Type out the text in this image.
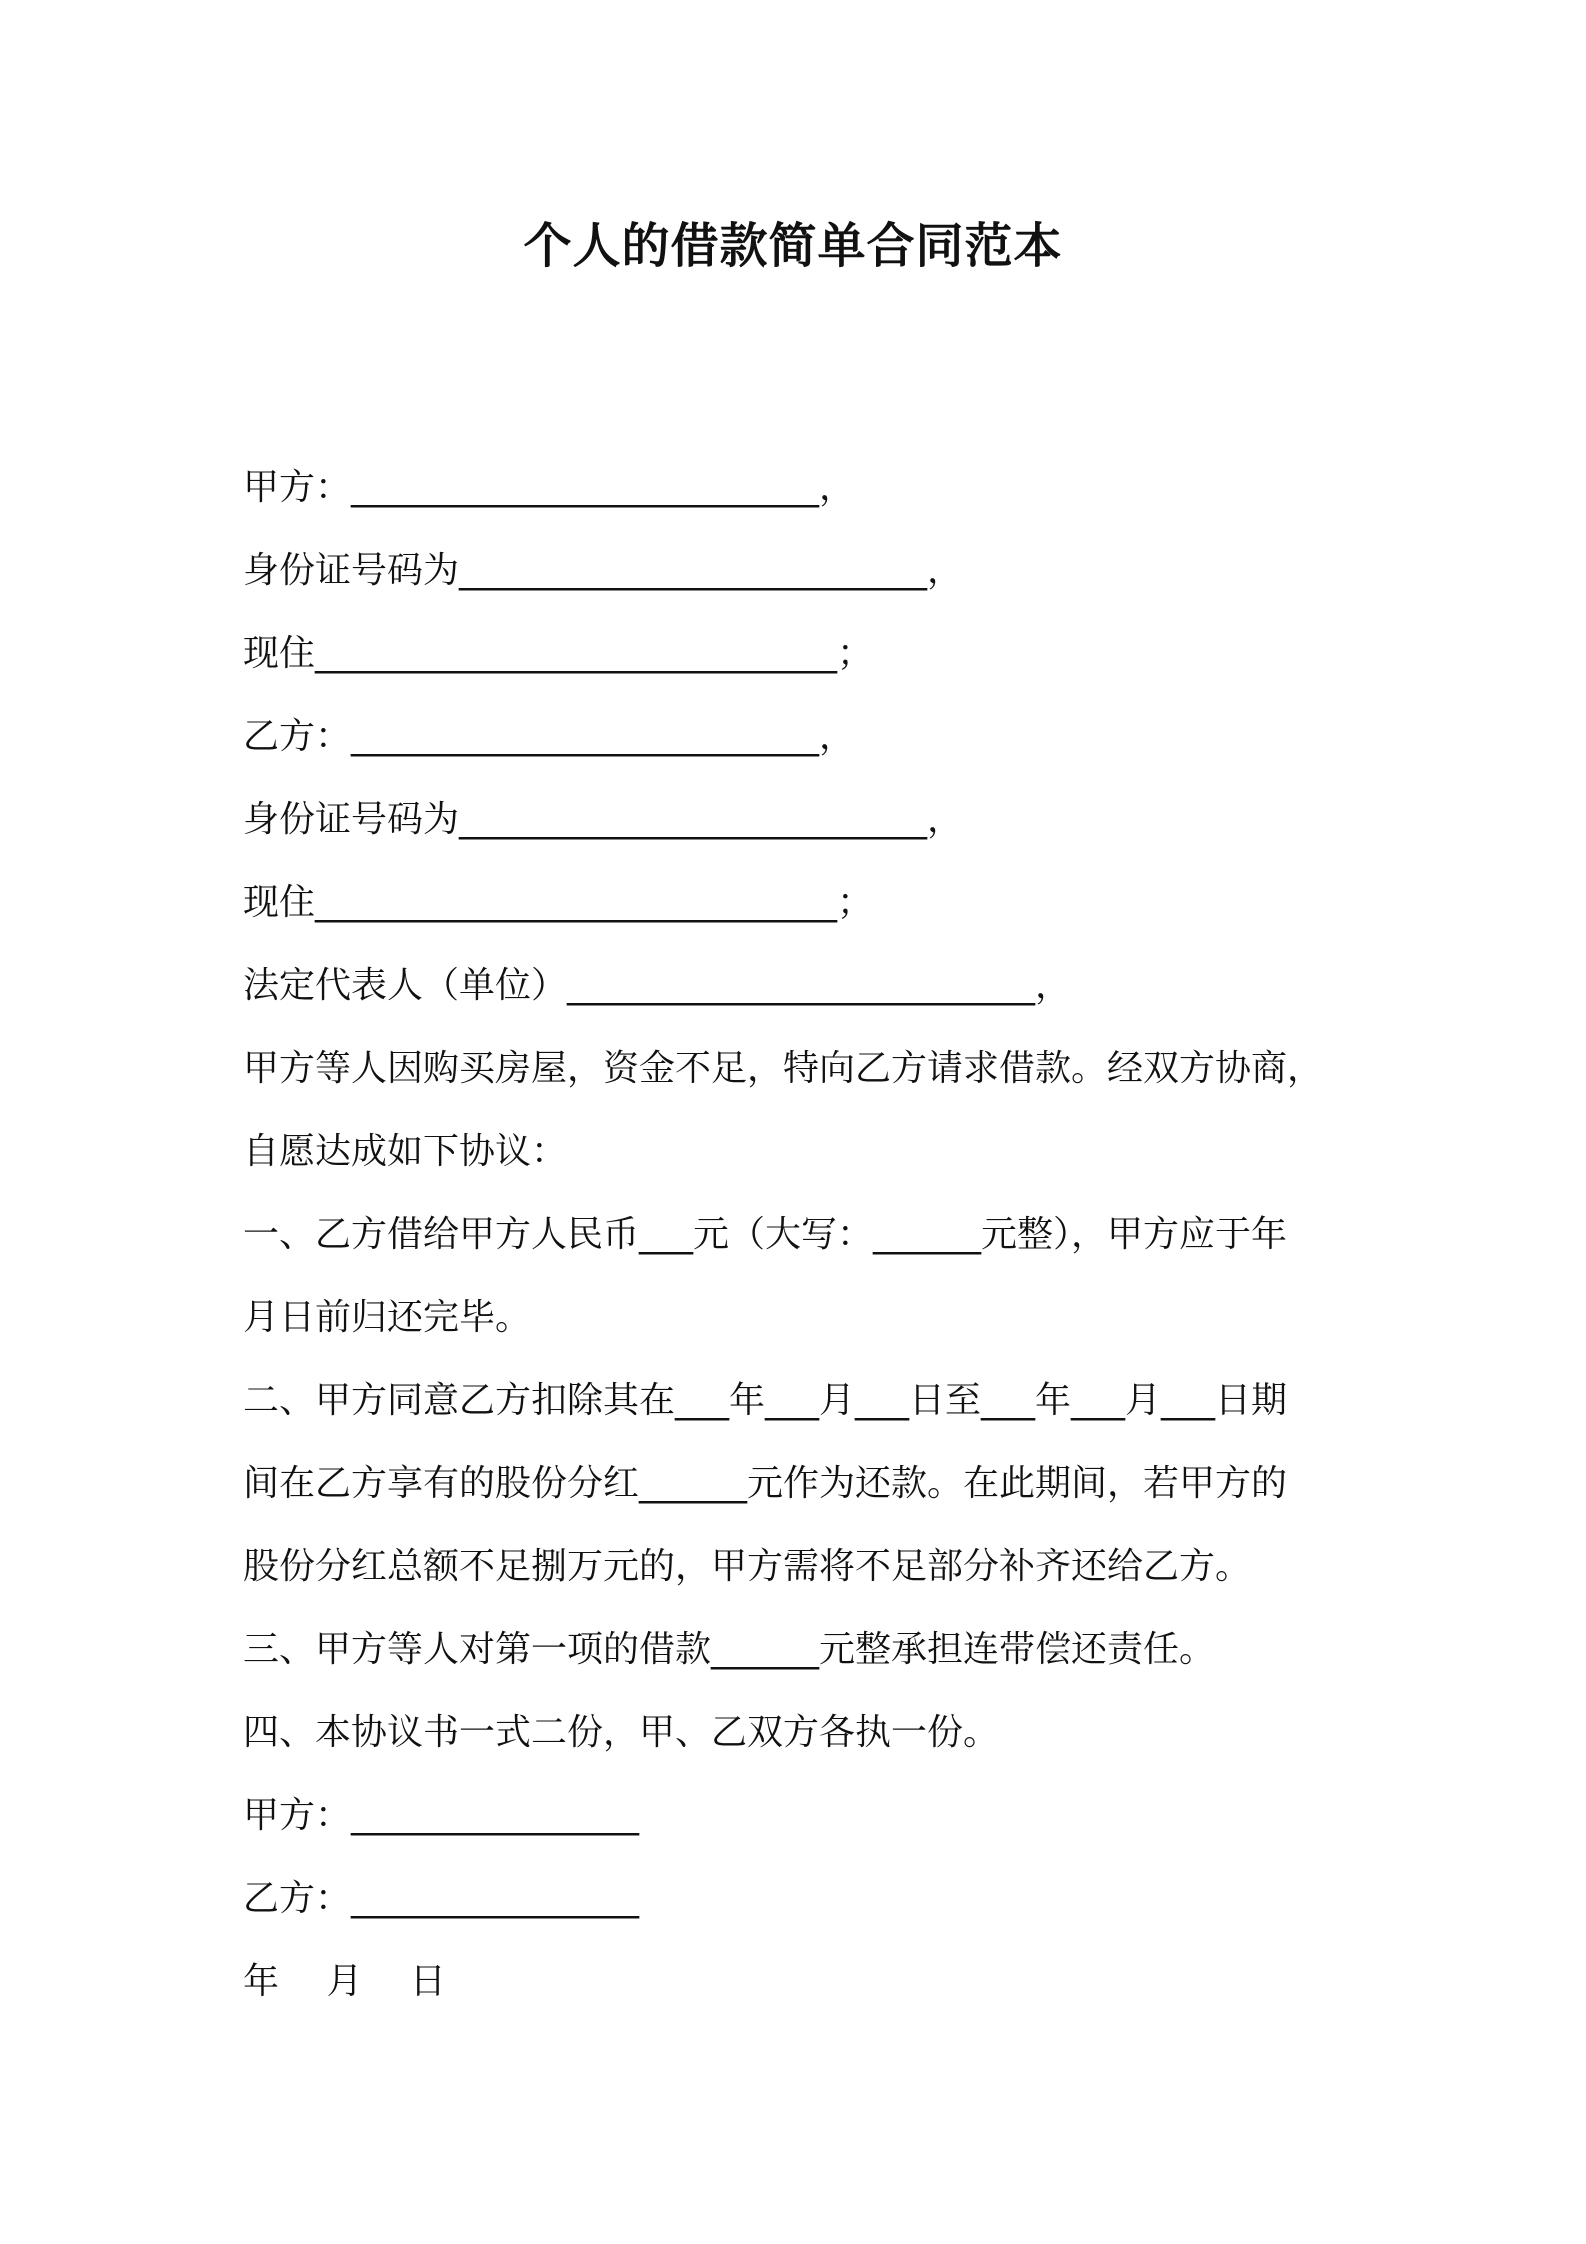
个人的借款简单合同范本
甲方：__________________________，
身份证号码为__________________________，
现住_____________________________；
乙方：__________________________，
身份证号码为__________________________，
现住_____________________________；
法定代表人（单位）__________________________，
甲方等人因购买房屋，资金不足，特向乙方请求借款。经双方协商，
自愿达成如下协议：
一、乙方借给甲方人民币___元（大写：______元整），甲方应于年
月日前归还完毕。
二、甲方同意乙方扣除其在___年___月___日至___年___月___日期
间在乙方享有的股份分红______元作为还款。在此期间，若甲方的
股份分红总额不足捌万元的，甲方需将不足部分补齐还给乙方。
三、甲方等人对第一项的借款______元整承担连带偿还责任。
四、本协议书一式二份，甲、乙双方各执一份。
甲方：________________
乙方：________________
年　 月　 日
